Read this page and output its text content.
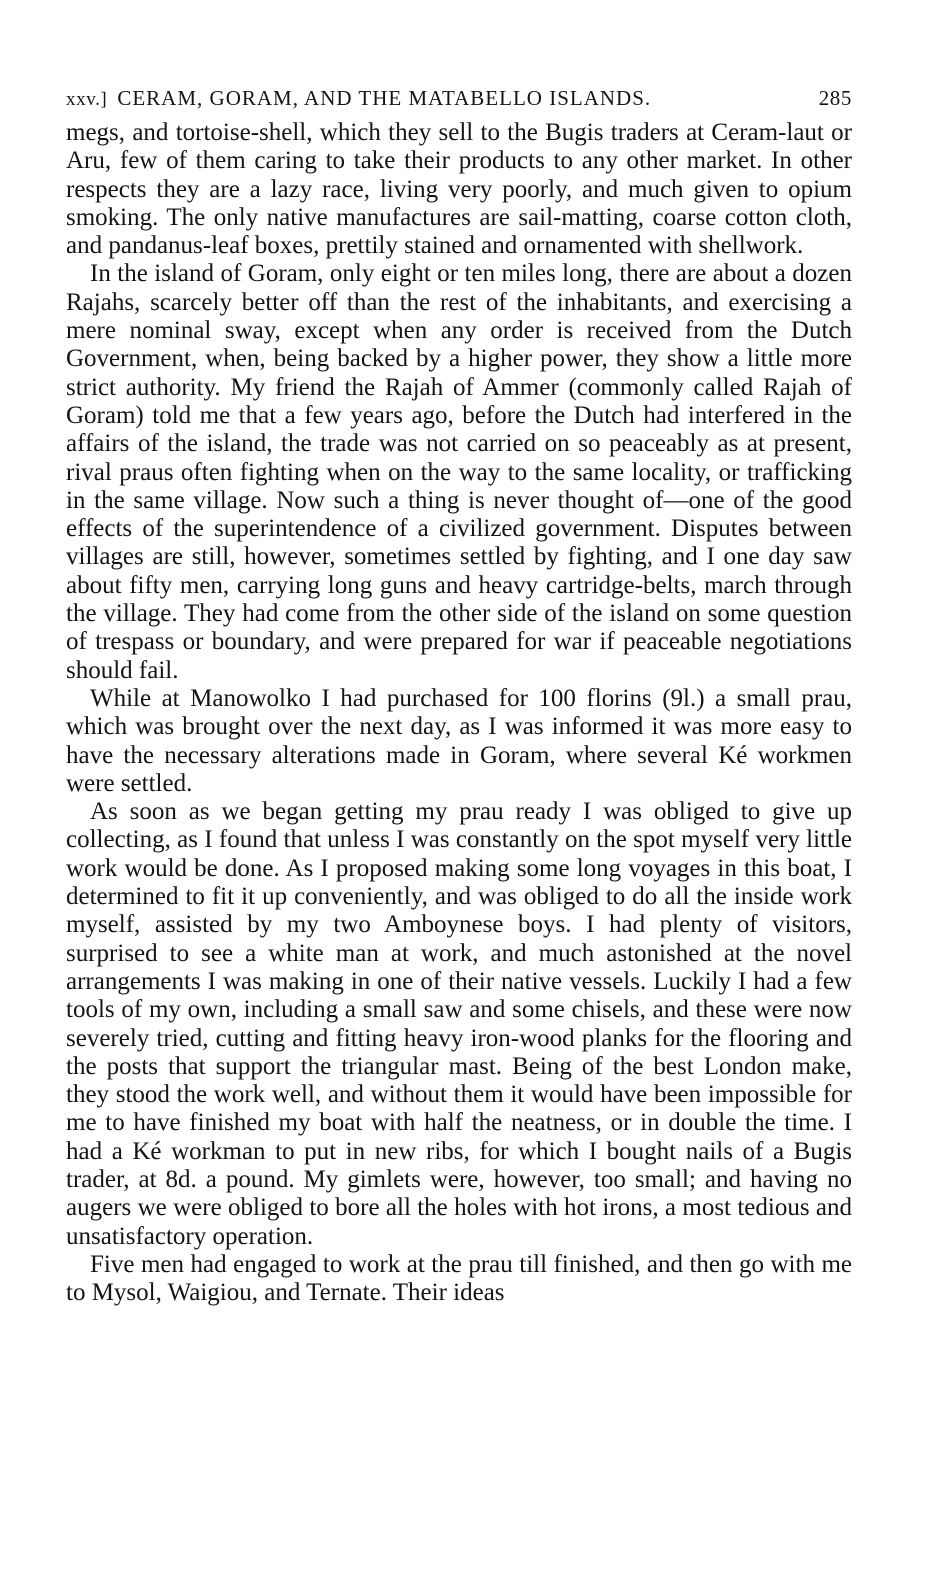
xxv.] CERAM, GORAM, AND THE MATABELLO ISLANDS.	285

megs, and tortoise-shell, which they sell to the Bugis traders at Ceram-laut or Aru, few of them caring to take their products to any other market. In other respects they are a lazy race, living very poorly, and much given to opium smoking. The only native manufactures are sail-matting, coarse cotton cloth, and pandanus-leaf boxes, prettily stained and ornamented with shellwork.

In the island of Goram, only eight or ten miles long, there are about a dozen Rajahs, scarcely better off than the rest of the inhabitants, and exercising a mere nominal sway, except when any order is received from the Dutch Government, when, being backed by a higher power, they show a little more strict authority. My friend the Rajah of Ammer (commonly called Rajah of Goram) told me that a few years ago, before the Dutch had interfered in the affairs of the island, the trade was not carried on so peaceably as at present, rival praus often fighting when on the way to the same locality, or trafficking in the same village. Now such a thing is never thought of—one of the good effects of the superintendence of a civilized government. Disputes between villages are still, however, sometimes settled by fighting, and I one day saw about fifty men, carrying long guns and heavy cartridge-belts, march through the village. They had come from the other side of the island on some question of trespass or boundary, and were prepared for war if peaceable negotiations should fail.

While at Manowolko I had purchased for 100 florins (9l.) a small prau, which was brought over the next day, as I was informed it was more easy to have the necessary alterations made in Goram, where several Ké workmen were settled.

As soon as we began getting my prau ready I was obliged to give up collecting, as I found that unless I was constantly on the spot myself very little work would be done. As I proposed making some long voyages in this boat, I determined to fit it up conveniently, and was obliged to do all the inside work myself, assisted by my two Amboynese boys. I had plenty of visitors, surprised to see a white man at work, and much astonished at the novel arrangements I was making in one of their native vessels. Luckily I had a few tools of my own, including a small saw and some chisels, and these were now severely tried, cutting and fitting heavy iron-wood planks for the flooring and the posts that support the triangular mast. Being of the best London make, they stood the work well, and without them it would have been impossible for me to have finished my boat with half the neatness, or in double the time. I had a Ké workman to put in new ribs, for which I bought nails of a Bugis trader, at 8d. a pound. My gimlets were, however, too small; and having no augers we were obliged to bore all the holes with hot irons, a most tedious and unsatisfactory operation.

Five men had engaged to work at the prau till finished, and then go with me to Mysol, Waigiou, and Ternate. Their ideas
